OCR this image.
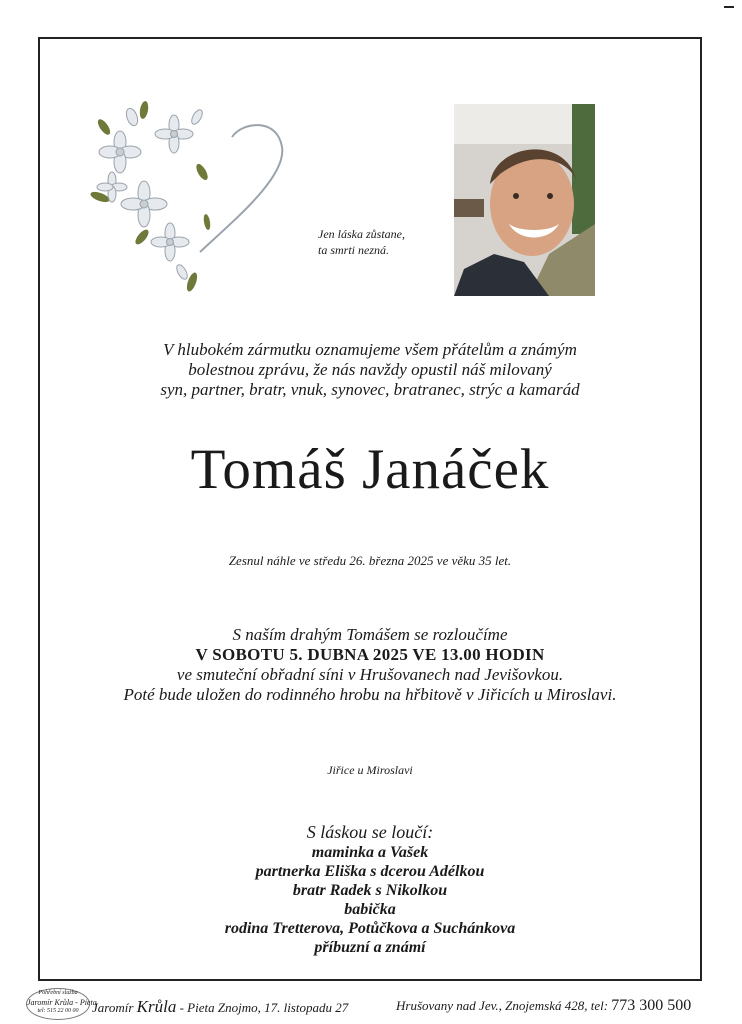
Jen láska zůstane,
ta smrti nezná.
V hlubokém zármutku oznamujeme všem přátelům a známým
bolestnou zprávu, že nás navždy opustil náš milovaný
syn, partner, bratr, vnuk, synovec, bratranec, strýc a kamarád
Tomáš Janáček
Zesnul náhle ve středu 26. března 2025 ve věku 35 let.
S naším drahým Tomášem se rozloučíme
V SOBOTU 5. DUBNA 2025 VE 13.00 HODIN
ve smuteční obřadní síni v Hrušovanech nad Jevišovkou.
Poté bude uložen do rodinného hrobu na hřbitově v Jiřicích u Miroslavi.
Jiřice u Miroslavi
S láskou se loučí:
maminka a Vašek
partnerka Eliška s dcerou Adélkou
bratr Radek s Nikolkou
babička
rodina Tretterova, Potůčkova a Suchánkova
příbuzní a známí
Pohřební služba
Jaromír Krůla - Pieta
tel: 515 22 00 00	Jaromír Krůla - Pieta Znojmo, 17. listopadu 27	Hrušovany nad Jev., Znojemská 428, tel: 773 300 500
